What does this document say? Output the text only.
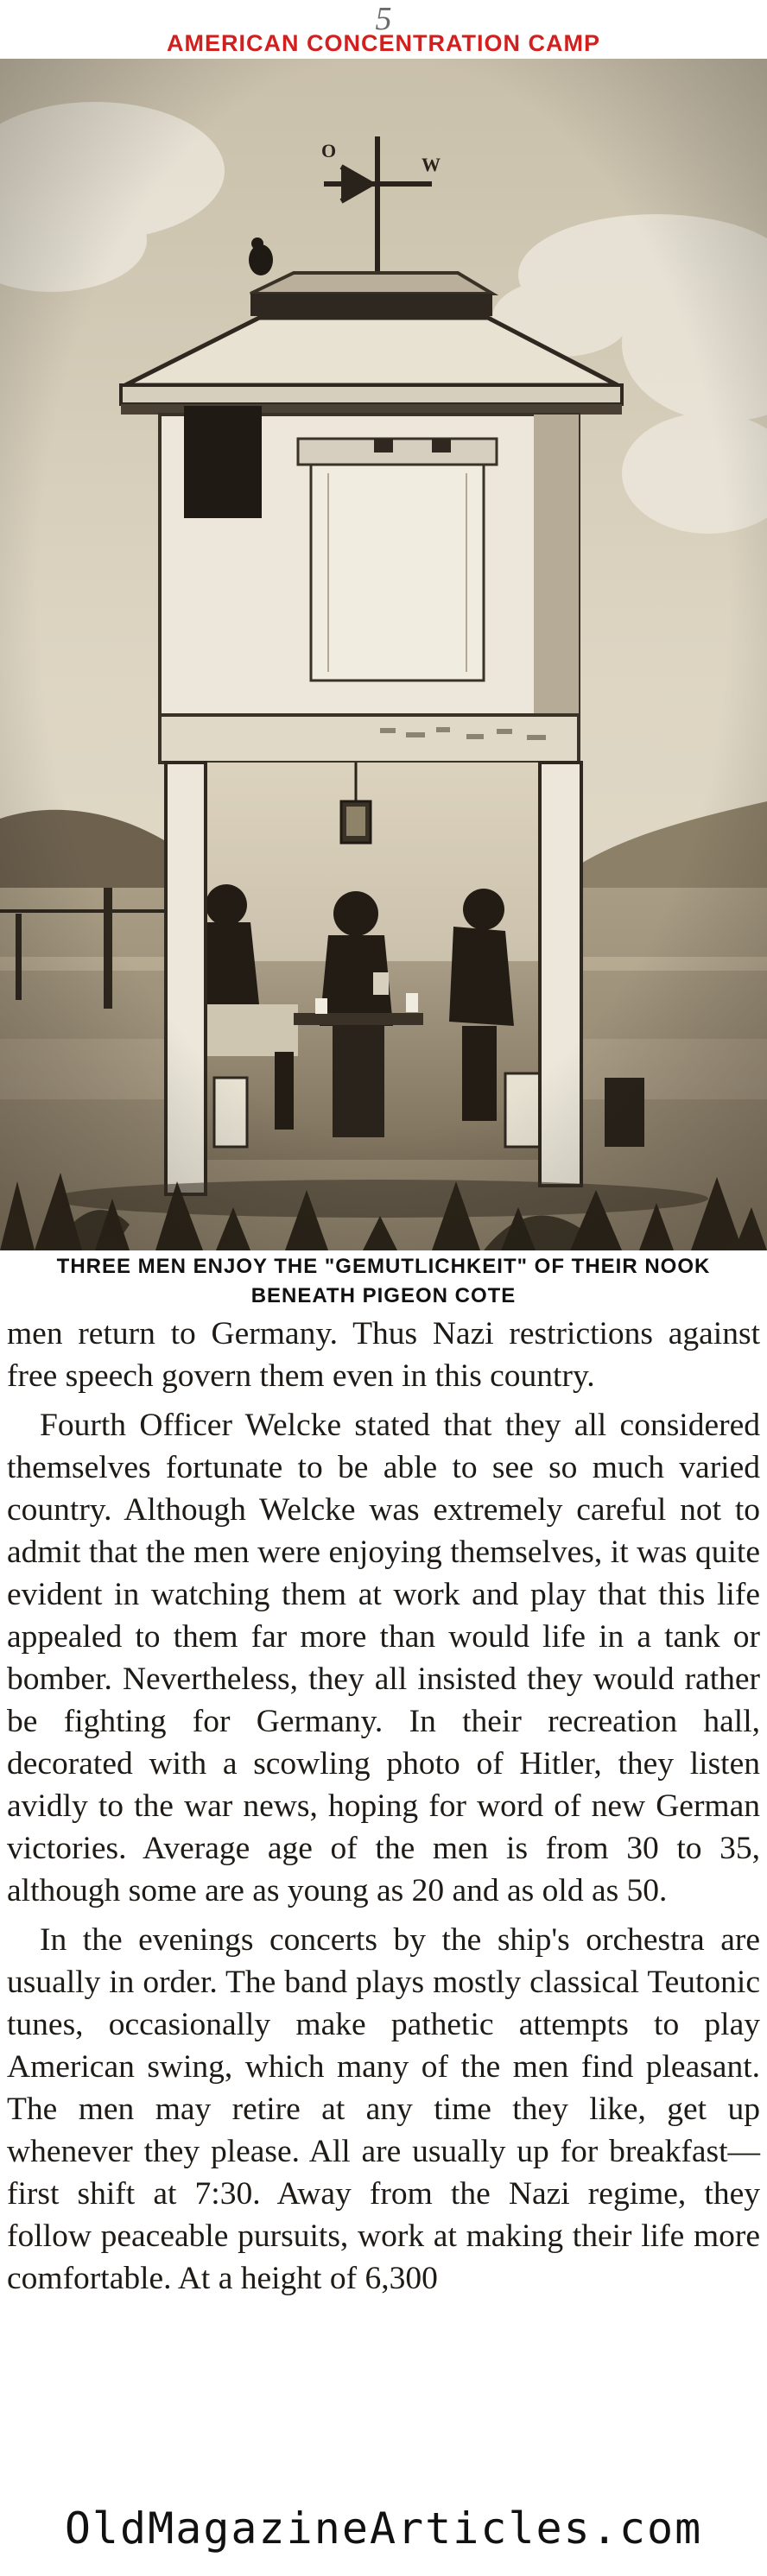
5
AMERICAN CONCENTRATION CAMP
THREE MEN ENJOY THE "GEMUTLICHKEIT" OF THEIR NOOK
BENEATH PIGEON COTE

men return to Germany. Thus Nazi restrictions against free speech govern them even in this country.

Fourth Officer Welcke stated that they all considered themselves fortunate to be able to see so much varied country. Although Welcke was extremely careful not to admit that the men were enjoying themselves, it was quite evident in watching them at work and play that this life appealed to them far more than would life in a tank or bomber. Nevertheless, they all insisted they would rather be fighting for Germany. In their recreation hall, decorated with a scowling photo of Hitler, they listen avidly to the war news, hoping for word of new German victories. Average age of the men is from 30 to 35, although some are as young as 20 and as old as 50.

In the evenings concerts by the ship's orchestra are usually in order. The band plays mostly classical Teutonic tunes, occasionally make pathetic attempts to play American swing, which many of the men find pleasant. The men may retire at any time they like, get up whenever they please. All are usually up for breakfast—first shift at 7:30. Away from the Nazi regime, they follow peaceable pursuits, work at making their life more comfortable. At a height of 6,300

OldMagazineArticles.com
